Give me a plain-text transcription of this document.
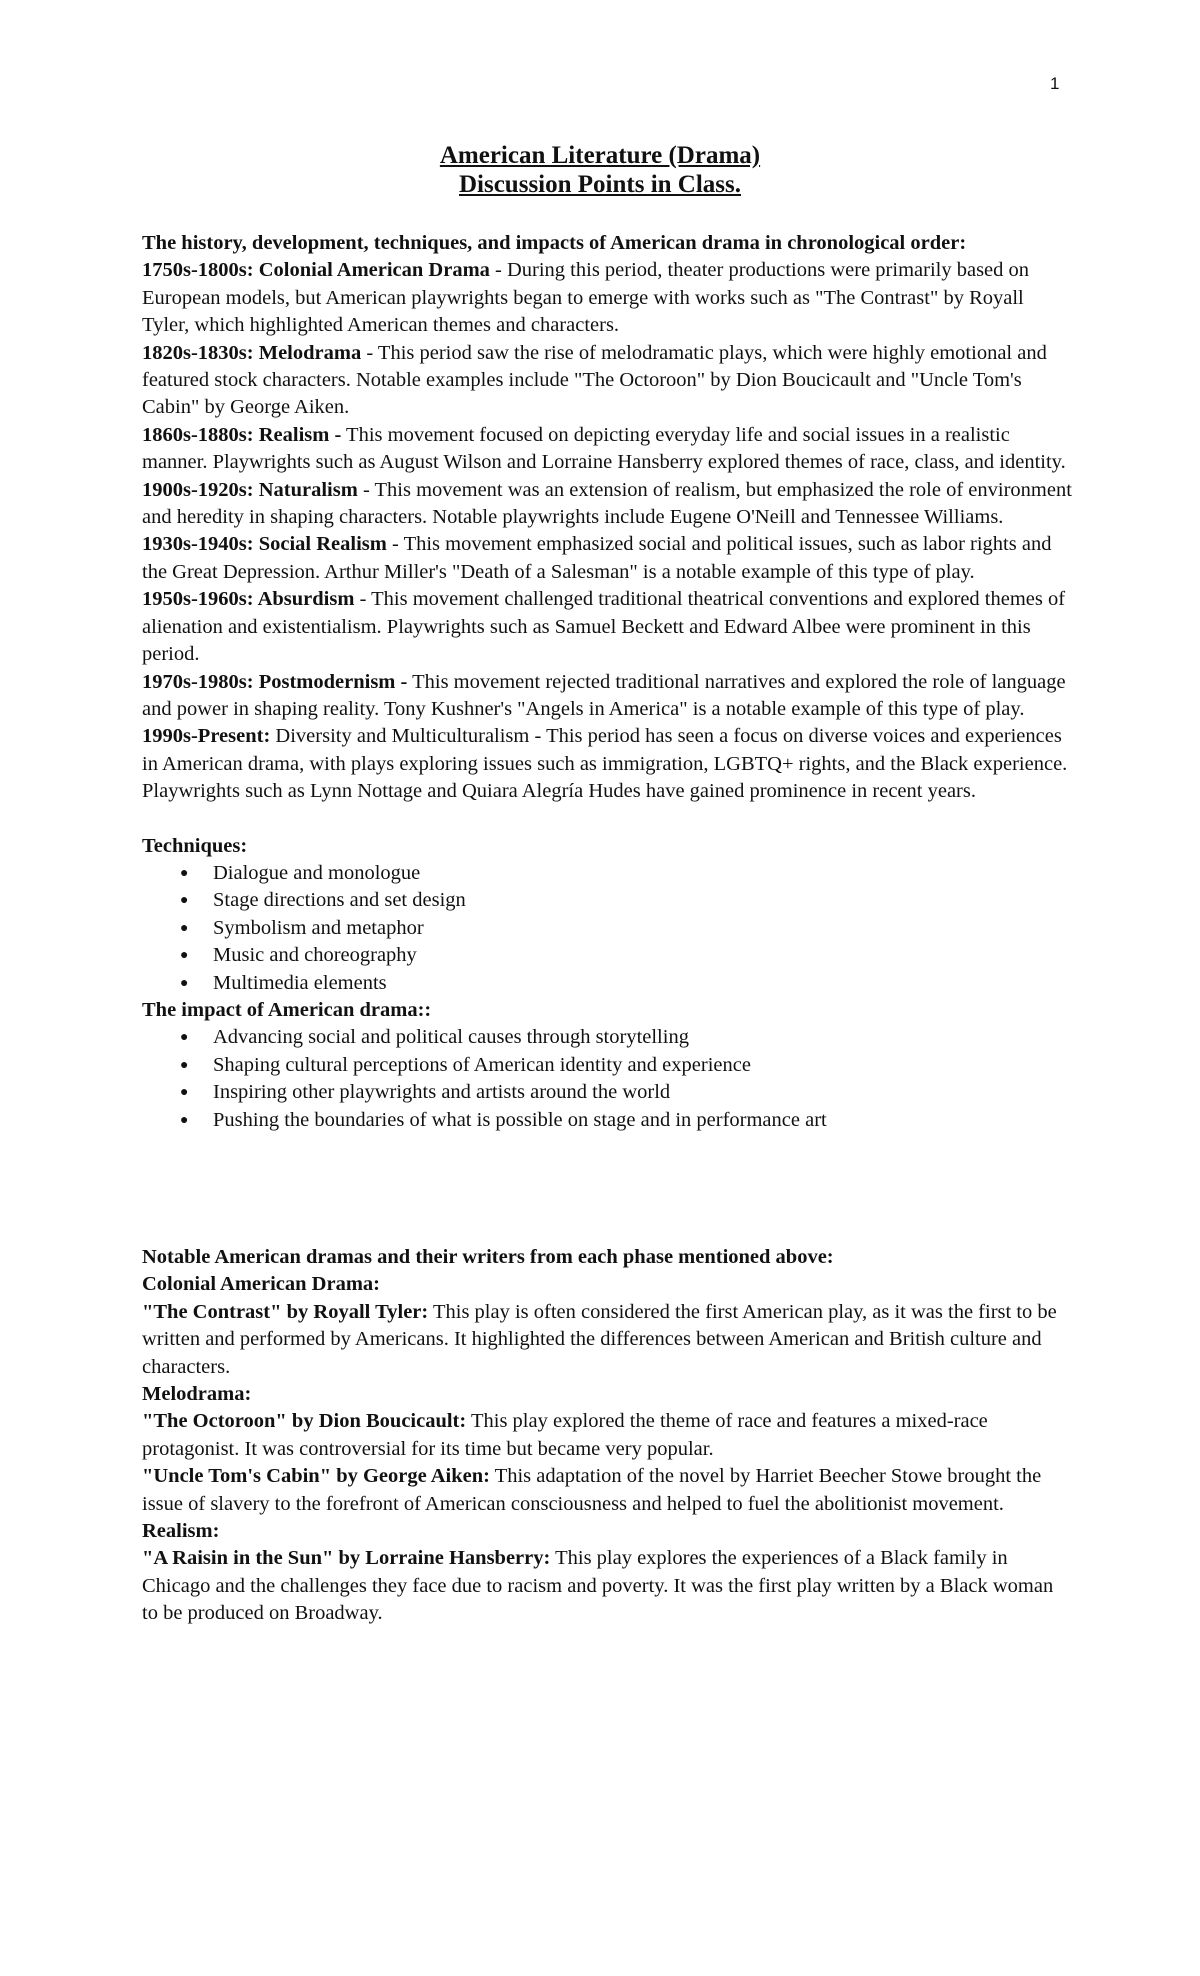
1
American Literature (Drama)
Discussion Points in Class.

The history, development, techniques, and impacts of American drama in chronological order:

1750s-1800s: Colonial American Drama - During this period, theater productions were primarily based on European models, but American playwrights began to emerge with works such as "The Contrast" by Royall Tyler, which highlighted American themes and characters.

1820s-1830s: Melodrama - This period saw the rise of melodramatic plays, which were highly emotional and featured stock characters. Notable examples include "The Octoroon" by Dion Boucicault and "Uncle Tom's Cabin" by George Aiken.

1860s-1880s: Realism - This movement focused on depicting everyday life and social issues in a realistic manner. Playwrights such as August Wilson and Lorraine Hansberry explored themes of race, class, and identity.

1900s-1920s: Naturalism - This movement was an extension of realism, but emphasized the role of environment and heredity in shaping characters. Notable playwrights include Eugene O'Neill and Tennessee Williams.

1930s-1940s: Social Realism - This movement emphasized social and political issues, such as labor rights and the Great Depression. Arthur Miller's "Death of a Salesman" is a notable example of this type of play.

1950s-1960s: Absurdism - This movement challenged traditional theatrical conventions and explored themes of alienation and existentialism. Playwrights such as Samuel Beckett and Edward Albee were prominent in this period.

1970s-1980s: Postmodernism - This movement rejected traditional narratives and explored the role of language and power in shaping reality. Tony Kushner's "Angels in America" is a notable example of this type of play.

1990s-Present: Diversity and Multiculturalism - This period has seen a focus on diverse voices and experiences in American drama, with plays exploring issues such as immigration, LGBTQ+ rights, and the Black experience. Playwrights such as Lynn Nottage and Quiara Alegría Hudes have gained prominence in recent years.

Techniques:

● Dialogue and monologue
● Stage directions and set design
● Symbolism and metaphor
● Music and choreography
● Multimedia elements

The impact of American drama::

● Advancing social and political causes through storytelling
● Shaping cultural perceptions of American identity and experience
● Inspiring other playwrights and artists around the world
● Pushing the boundaries of what is possible on stage and in performance art

Notable American dramas and their writers from each phase mentioned above:

Colonial American Drama:

"The Contrast" by Royall Tyler: This play is often considered the first American play, as it was the first to be written and performed by Americans. It highlighted the differences between American and British culture and characters.

Melodrama:

"The Octoroon" by Dion Boucicault: This play explored the theme of race and features a mixed-race protagonist. It was controversial for its time but became very popular.

"Uncle Tom's Cabin" by George Aiken: This adaptation of the novel by Harriet Beecher Stowe brought the issue of slavery to the forefront of American consciousness and helped to fuel the abolitionist movement.

Realism:

"A Raisin in the Sun" by Lorraine Hansberry: This play explores the experiences of a Black family in Chicago and the challenges they face due to racism and poverty. It was the first play written by a Black woman to be produced on Broadway.
